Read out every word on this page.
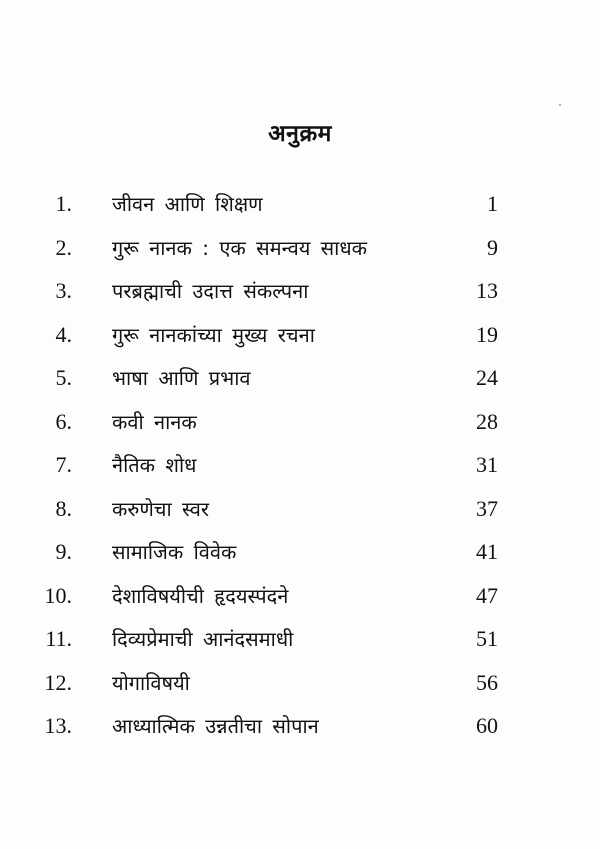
अनुक्रम
1. जीवन आणि शिक्षण	1
2. गुरू नानक : एक समन्वय साधक	9
3. परब्रह्माची उदात्त संकल्पना	13
4. गुरू नानकांच्या मुख्य रचना	19
5. भाषा आणि प्रभाव	24
6. कवी नानक	28
7. नैतिक शोध	31
8. करुणेचा स्वर	37
9. सामाजिक विवेक	41
10. देशाविषयीची हृदयस्पंदने	47
11. दिव्यप्रेमाची आनंदसमाधी	51
12. योगाविषयी	56
13. आध्यात्मिक उन्नतीचा सोपान	60
